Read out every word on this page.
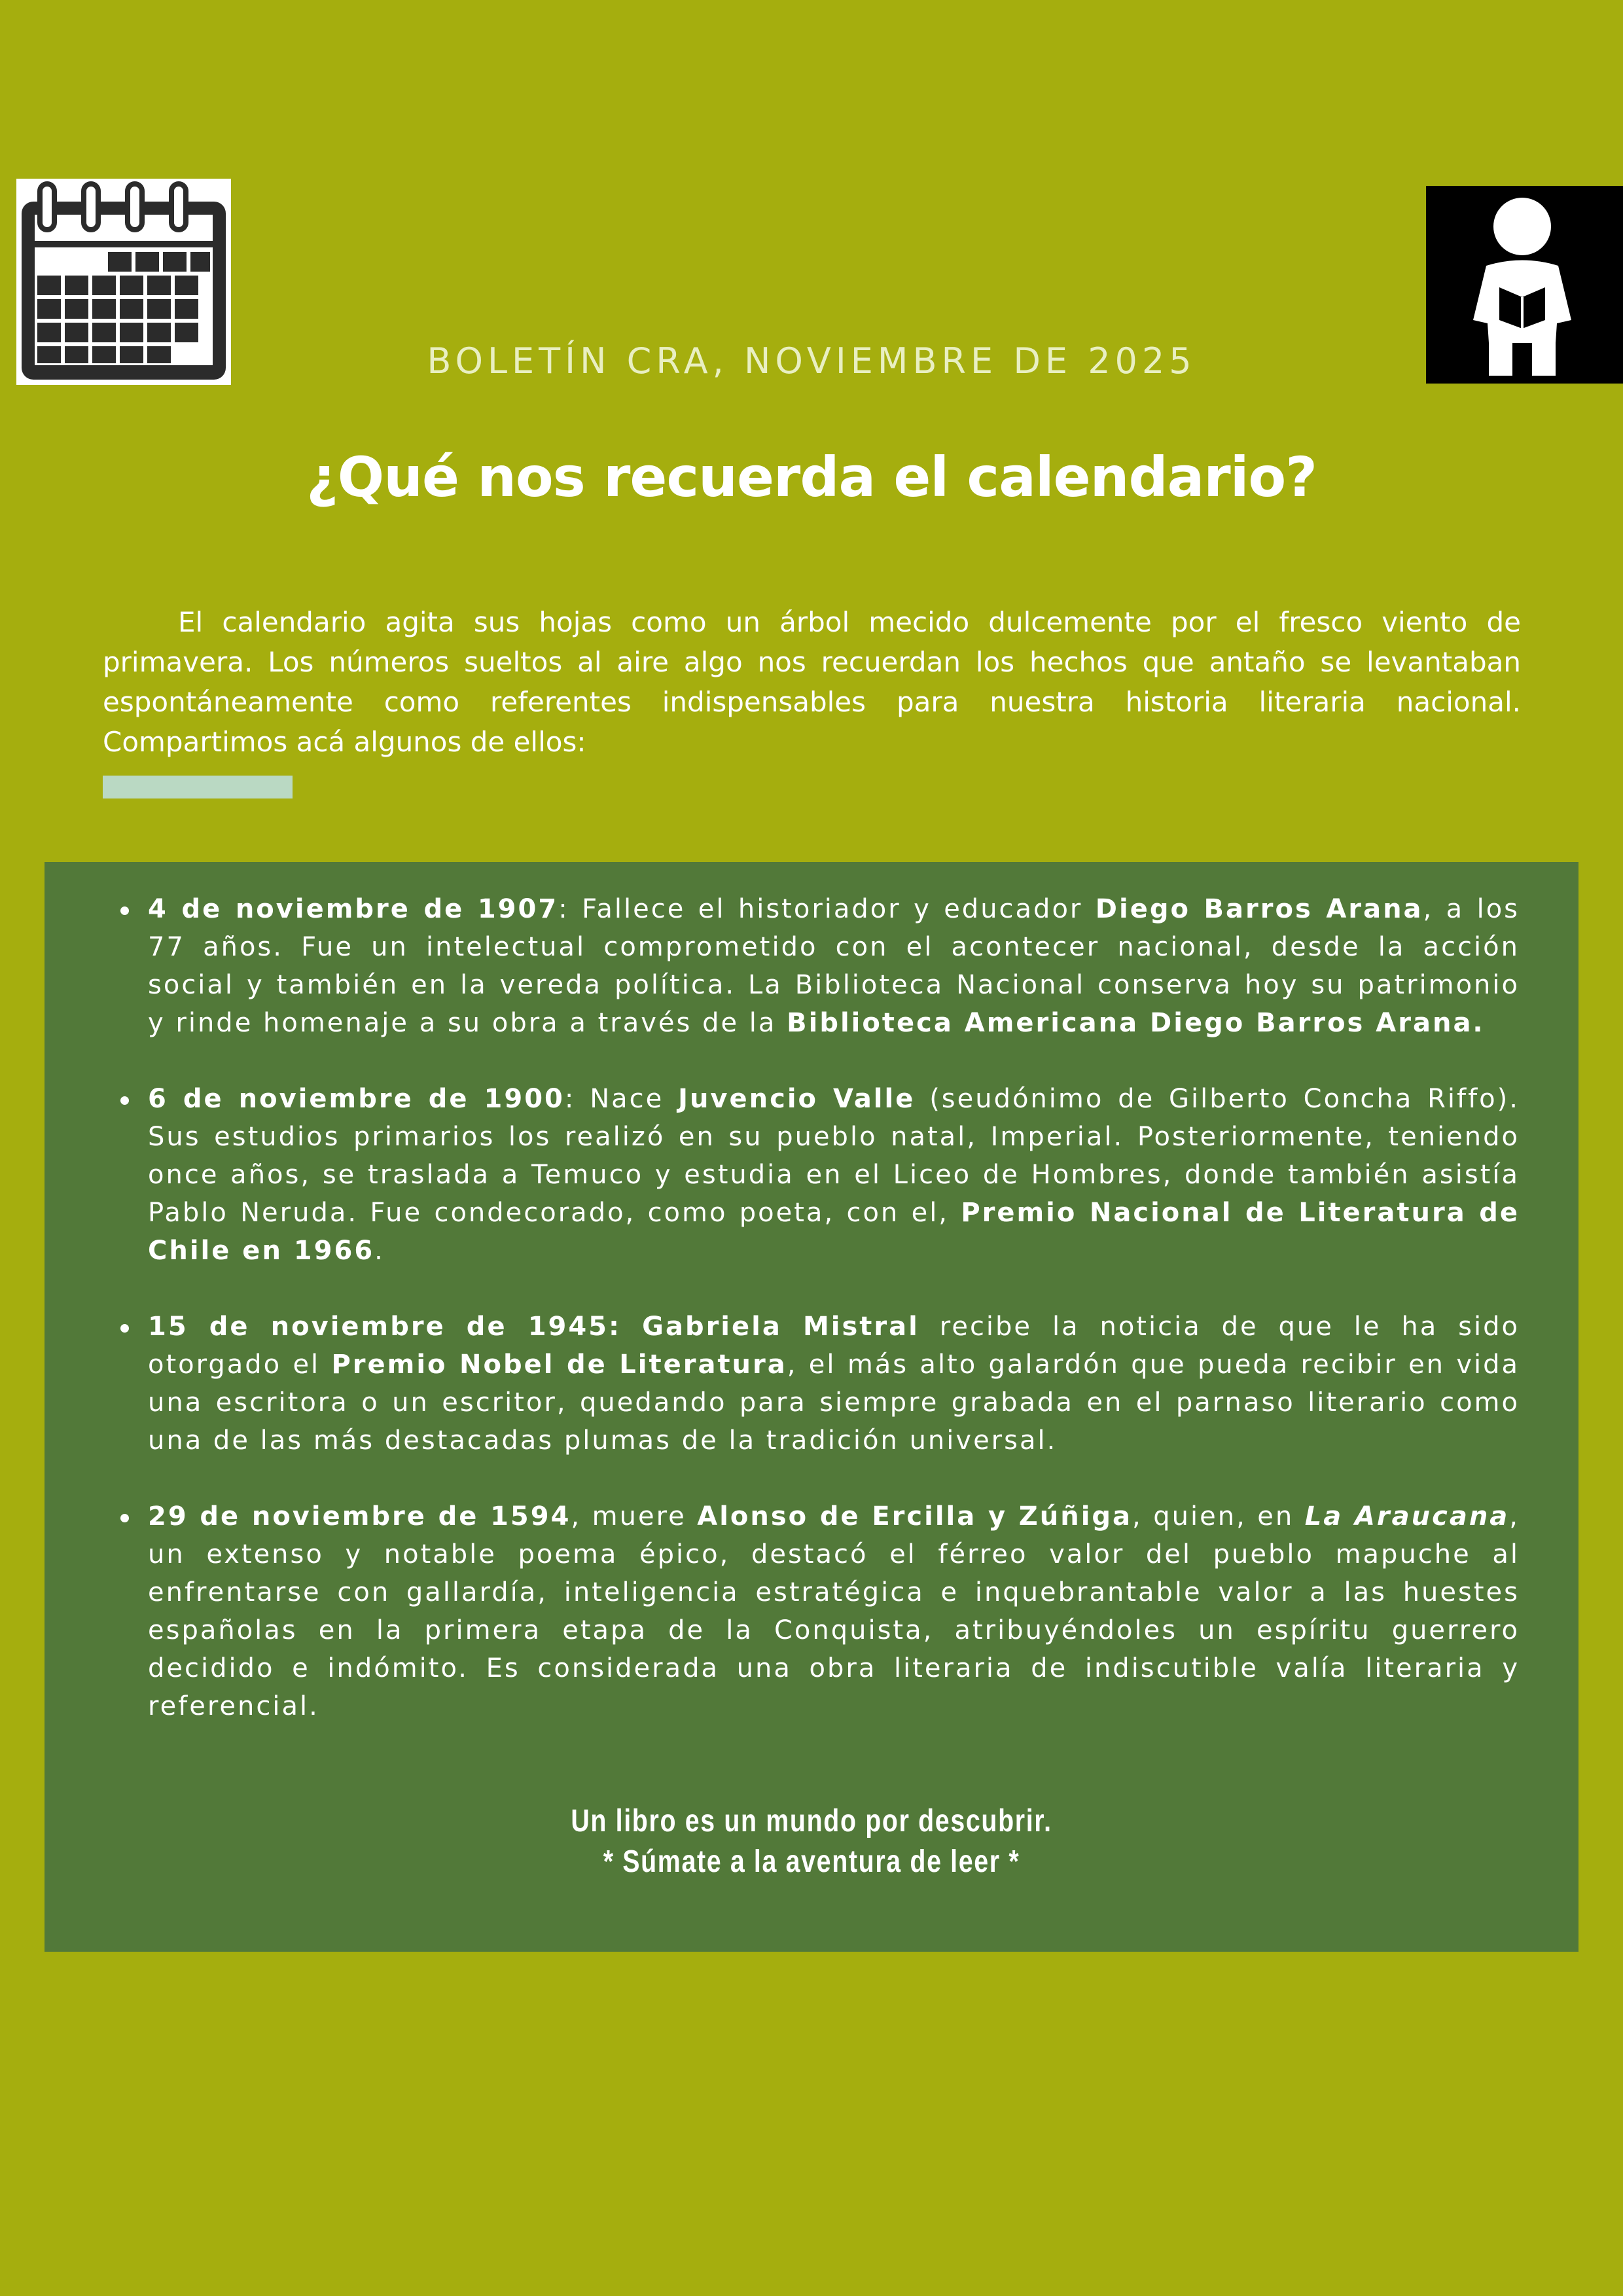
BOLETÍN CRA, NOVIEMBRE DE 2025
¿Qué nos recuerda el calendario?

El calendario agita sus hojas como un árbol mecido dulcemente por el fresco viento de primavera. Los números sueltos al aire algo nos recuerdan los hechos que antaño se levantaban espontáneamente como referentes indispensables para nuestra historia literaria nacional. Compartimos acá algunos de ellos:

4 de noviembre de 1907: Fallece el historiador y educador Diego Barros Arana, a los 77 años. Fue un intelectual comprometido con el acontecer nacional, desde la acción social y también en la vereda política. La Biblioteca Nacional conserva hoy su patrimonio y rinde homenaje a su obra a través de la Biblioteca Americana Diego Barros Arana.
6 de noviembre de 1900: Nace Juvencio Valle (seudónimo de Gilberto Concha Riffo). Sus estudios primarios los realizó en su pueblo natal, Imperial. Posteriormente, teniendo once años, se traslada a Temuco y estudia en el Liceo de Hombres, donde también asistía Pablo Neruda. Fue condecorado, como poeta, con el, Premio Nacional de Literatura de Chile en 1966.
15 de noviembre de 1945: Gabriela Mistral recibe la noticia de que le ha sido otorgado el Premio Nobel de Literatura, el más alto galardón que pueda recibir en vida una escritora o un escritor, quedando para siempre grabada en el parnaso literario como una de las más destacadas plumas de la tradición universal.
29 de noviembre de 1594, muere Alonso de Ercilla y Zúñiga, quien, en La Araucana, un extenso y notable poema épico, destacó el férreo valor del pueblo mapuche al enfrentarse con gallardía, inteligencia estratégica e inquebrantable valor a las huestes españolas en la primera etapa de la Conquista, atribuyéndoles un espíritu guerrero decidido e indómito. Es considerada una obra literaria de indiscutible valía literaria y referencial.
Un libro es un mundo por descubrir.
* Súmate a la aventura de leer *
